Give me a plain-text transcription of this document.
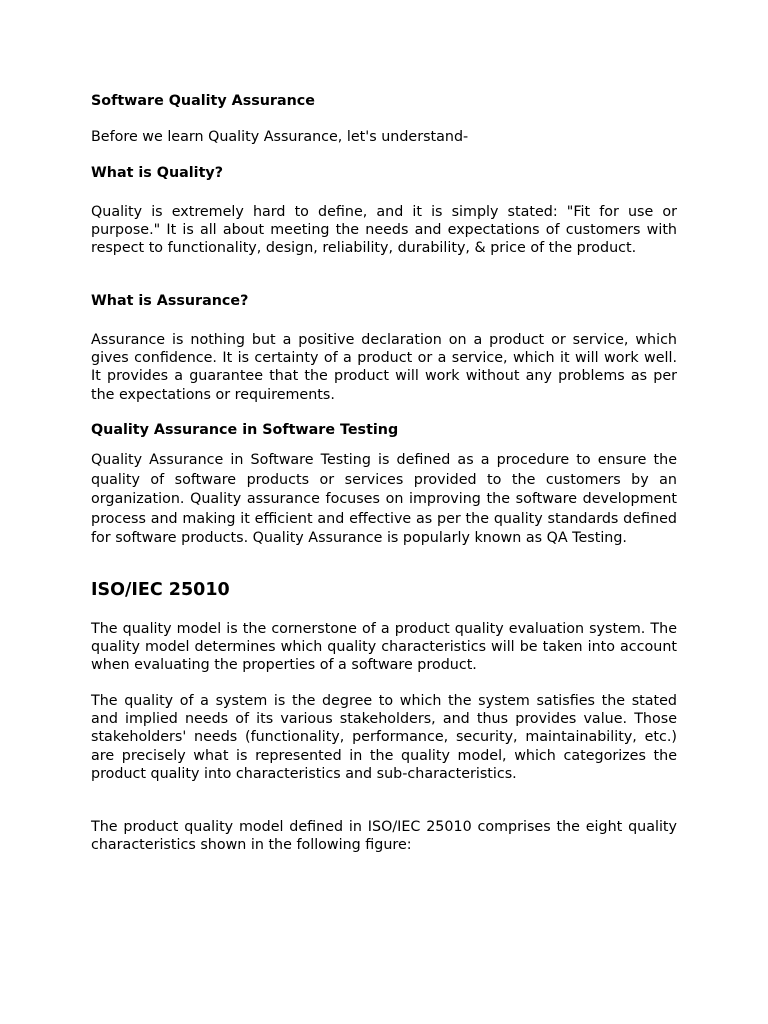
Software Quality Assurance

Before we learn Quality Assurance, let's understand-

What is Quality?

Quality is extremely hard to define, and it is simply stated: "Fit for use or purpose." It is all about meeting the needs and expectations of customers with respect to functionality, design, reliability, durability, & price of the product.

What is Assurance?

Assurance is nothing but a positive declaration on a product or service, which gives confidence. It is certainty of a product or a service, which it will work well. It provides a guarantee that the product will work without any problems as per the expectations or requirements.

Quality Assurance in Software Testing

Quality Assurance in Software Testing is defined as a procedure to ensure the quality of software products or services provided to the customers by an organization. Quality assurance focuses on improving the software development process and making it efficient and effective as per the quality standards defined for software products. Quality Assurance is popularly known as QA Testing.

ISO/IEC 25010

The quality model is the cornerstone of a product quality evaluation system. The quality model determines which quality characteristics will be taken into account when evaluating the properties of a software product.

The quality of a system is the degree to which the system satisfies the stated and implied needs of its various stakeholders, and thus provides value. Those stakeholders' needs (functionality, performance, security, maintainability, etc.) are precisely what is represented in the quality model, which categorizes the product quality into characteristics and sub-characteristics.

The product quality model defined in ISO/IEC 25010 comprises the eight quality characteristics shown in the following figure:
